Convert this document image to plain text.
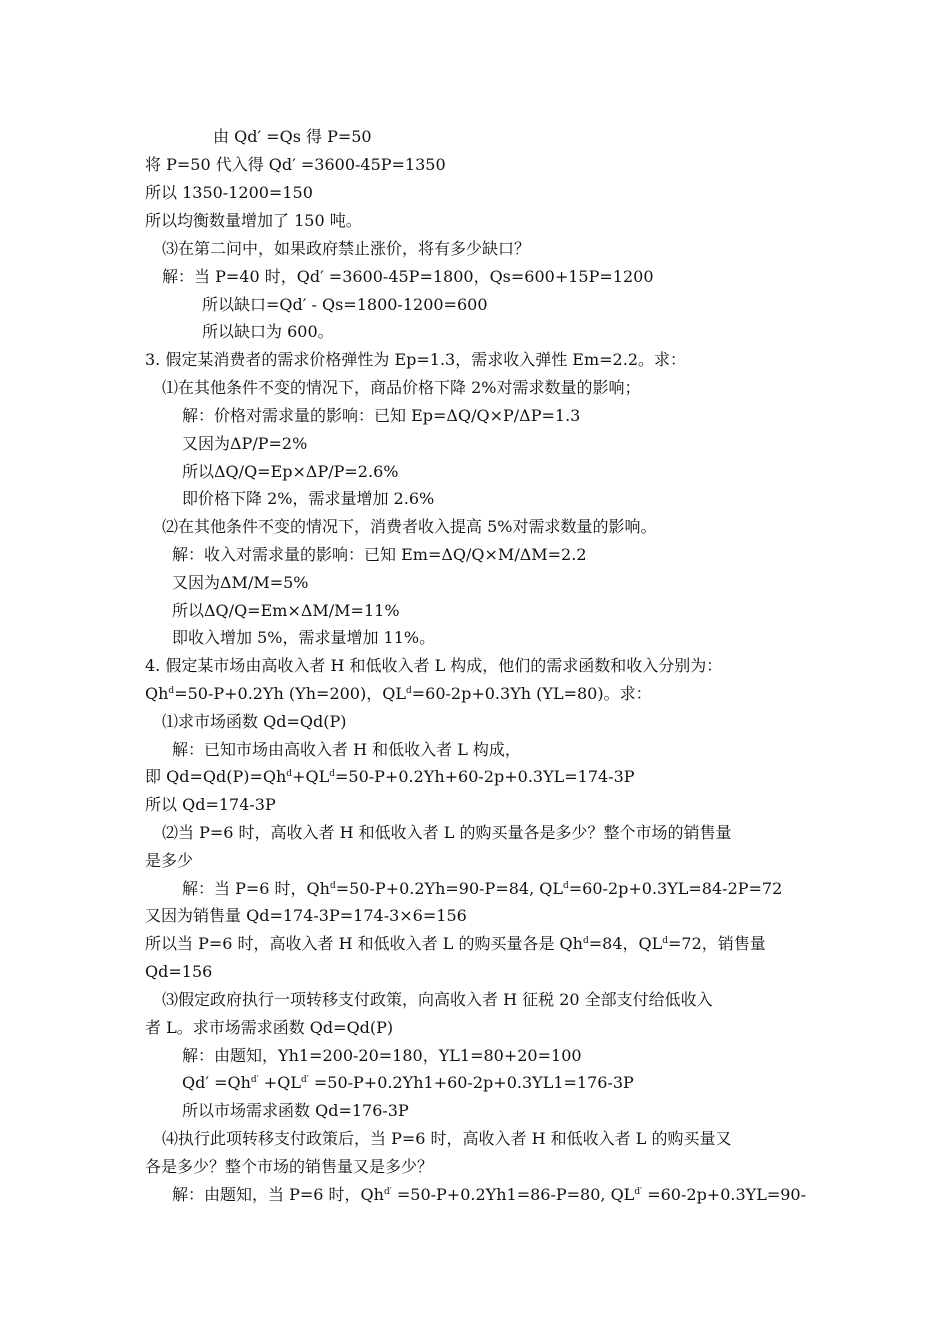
由 Qd′ =Qs 得 P=50
将 P=50 代入得 Qd′ =3600-45P=1350
所以 1350-1200=150
所以均衡数量增加了 150 吨。
⑶在第二问中，如果政府禁止涨价，将有多少缺口？
解：当 P=40 时，Qd′ =3600-45P=1800，Qs=600+15P=1200
所以缺口=Qd′ - Qs=1800-1200=600
所以缺口为 600。
3. 假定某消费者的需求价格弹性为 Ep=1.3，需求收入弹性 Em=2.2。求：
⑴在其他条件不变的情况下，商品价格下降 2%对需求数量的影响；
解：价格对需求量的影响：已知 Ep=ΔQ/Q×P/ΔP=1.3
又因为ΔP/P=2%
所以ΔQ/Q=Ep×ΔP/P=2.6%
即价格下降 2%，需求量增加 2.6%
⑵在其他条件不变的情况下，消费者收入提高 5%对需求数量的影响。
解：收入对需求量的影响：已知 Em=ΔQ/Q×M/ΔM=2.2
又因为ΔM/M=5%
所以ΔQ/Q=Em×ΔM/M=11%
即收入增加 5%，需求量增加 11%。
4. 假定某市场由高收入者 H 和低收入者 L 构成，他们的需求函数和收入分别为：
$Qh^d=50-P+0.2Yh$ (Yh=200)，$QL^d=60-2p+0.3Yh$ (YL=80)。求：
⑴求市场函数 Qd=Qd(P)
解：已知市场由高收入者 H 和低收入者 L 构成，
即 $Qd=Qd(P)=Qh^d+QL^d=50-P+0.2Yh+60-2p+0.3YL=174-3P$
所以 Qd=174-3P
⑵当 P=6 时，高收入者 H 和低收入者 L 的购买量各是多少？整个市场的销售量
是多少
解：当 P=6 时，$Qh^d=50-P+0.2Yh=90-P=84$, $QL^d=60-2p+0.3YL=84-2P=72$
又因为销售量 Qd=174-3P=174-3×6=156
所以当 P=6 时，高收入者 H 和低收入者 L 的购买量各是 $Qh^d=84$，$QL^d=72$，销售量
Qd=156
⑶假定政府执行一项转移支付政策，向高收入者 H 征税 20 全部支付给低收入
者 L。求市场需求函数 Qd=Qd(P)
解：由题知，Yh1=200-20=180，YL1=80+20=100
$Qd' =Qh^{d'} +QL^{d'} =50-P+0.2Yh1+60-2p+0.3YL1=176-3P$
所以市场需求函数 Qd=176-3P
⑷执行此项转移支付政策后，当 P=6 时，高收入者 H 和低收入者 L 的购买量又
各是多少？整个市场的销售量又是多少？
解：由题知，当 P=6 时，$Qh^{d'} =50-P+0.2Yh1=86-P=80$, $QL^{d'} =60-2p+0.3YL=90-$
